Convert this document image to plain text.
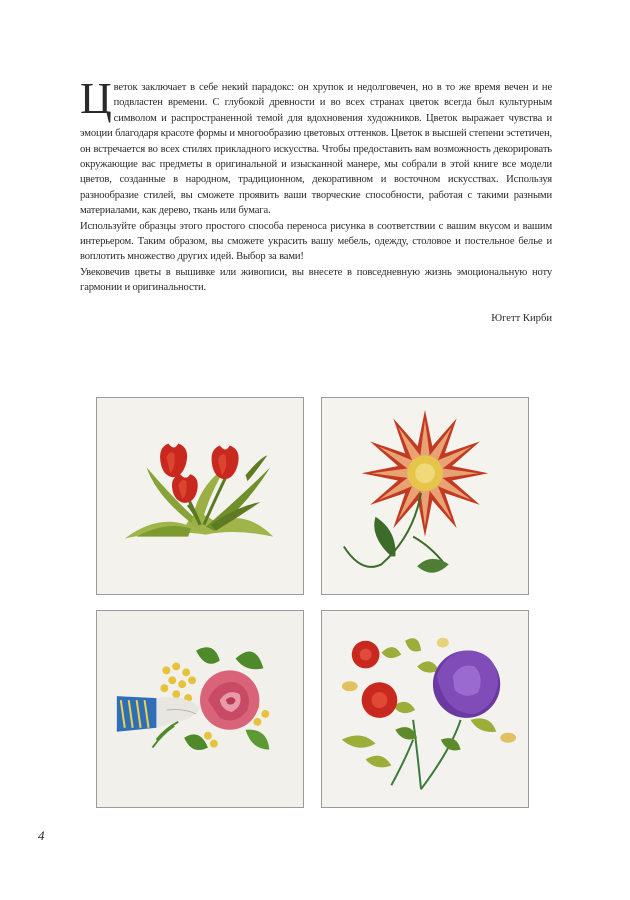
Цветок заключает в себе некий парадокс: он хрупок и недолговечен, но в то же время вечен и не подвластен времени. С глубокой древности и во всех странах цветок всегда был культурным символом и распространенной темой для вдохновения художников. Цветок выражает чувства и эмоции благодаря красоте формы и многообразию цветовых оттенков. Цветок в высшей степени эстетичен, он встречается во всех стилях прикладного искусства. Чтобы предоставить вам возможность декорировать окружающие вас предметы в оригинальной и изысканной манере, мы собрали в этой книге все модели цветов, созданные в народном, традиционном, декоративном и восточном искусствах. Используя разнообразие стилей, вы сможете проявить ваши творческие способности, работая с такими разными материалами, как дерево, ткань или бумага.

Используйте образцы этого простого способа переноса рисунка в соответствии с вашим вкусом и вашим интерьером. Таким образом, вы сможете украсить вашу мебель, одежду, столовое и постельное белье и воплотить множество других идей. Выбор за вами!

Увековечив цветы в вышивке или живописи, вы внесете в повседневную жизнь эмоциональную ноту гармонии и оригинальности.

Югетт Кирби
4
